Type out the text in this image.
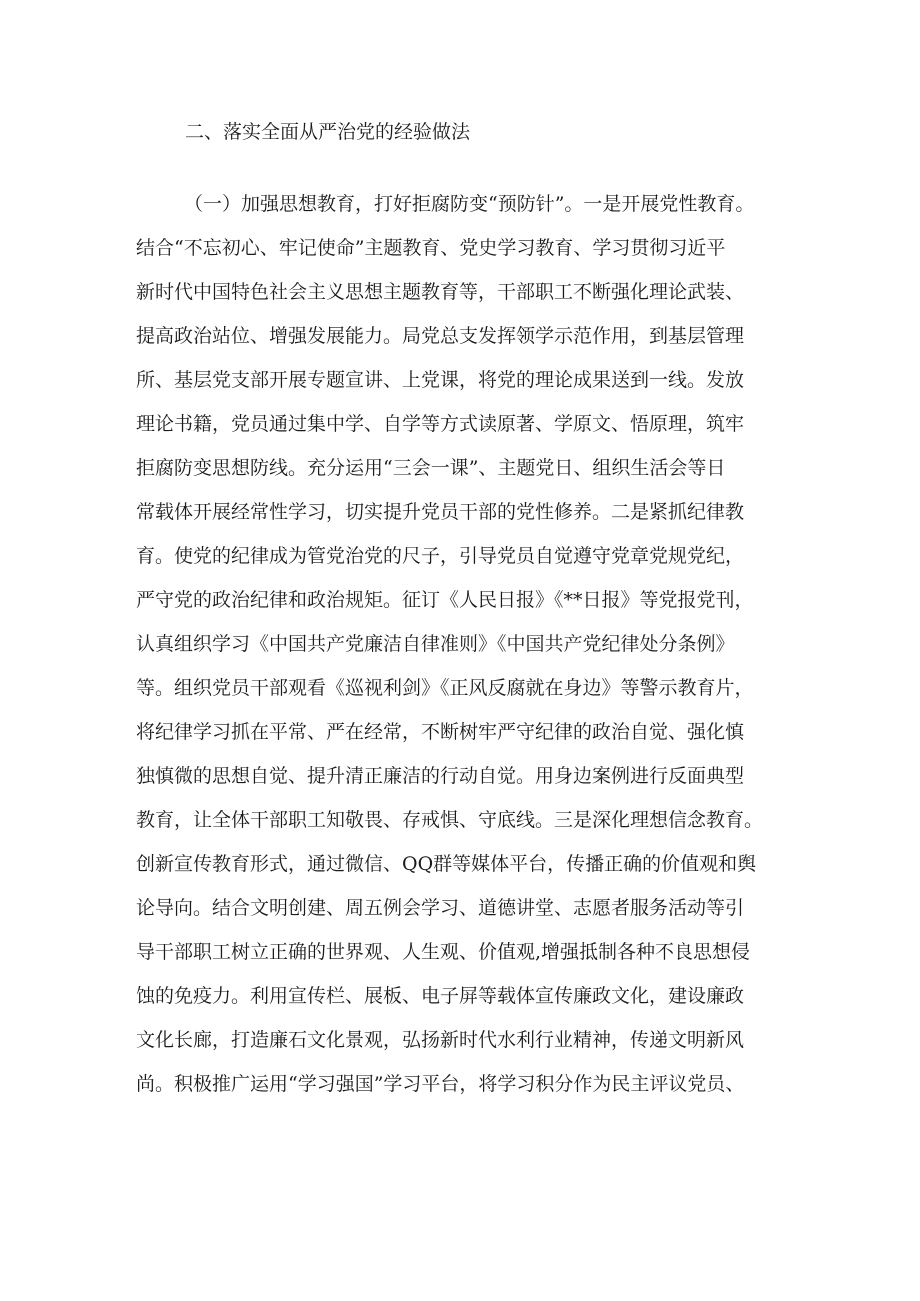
二、落实全面从严治党的经验做法
（一）加强思想教育，打好拒腐防变“预防针”。一是开展党性教育。
结合“不忘初心、牢记使命”主题教育、党史学习教育、学习贯彻习近平
新时代中国特色社会主义思想主题教育等，干部职工不断强化理论武装、
提高政治站位、增强发展能力。局党总支发挥领学示范作用，到基层管理
所、基层党支部开展专题宣讲、上党课，将党的理论成果送到一线。发放
理论书籍，党员通过集中学、自学等方式读原著、学原文、悟原理，筑牢
拒腐防变思想防线。充分运用“三会一课”、主题党日、组织生活会等日
常载体开展经常性学习，切实提升党员干部的党性修养。二是紧抓纪律教
育。使党的纪律成为管党治党的尺子，引导党员自觉遵守党章党规党纪，
严守党的政治纪律和政治规矩。征订《人民日报》《**日报》等党报党刊，
认真组织学习《中国共产党廉洁自律准则》《中国共产党纪律处分条例》
等。组织党员干部观看《巡视利剑》《正风反腐就在身边》等警示教育片，
将纪律学习抓在平常、严在经常，不断树牢严守纪律的政治自觉、强化慎
独慎微的思想自觉、提升清正廉洁的行动自觉。用身边案例进行反面典型
教育，让全体干部职工知敬畏、存戒惧、守底线。三是深化理想信念教育。
创新宣传教育形式，通过微信、QQ群等媒体平台，传播正确的价值观和舆
论导向。结合文明创建、周五例会学习、道德讲堂、志愿者服务活动等引
导干部职工树立正确的世界观、人生观、价值观,增强抵制各种不良思想侵
蚀的免疫力。利用宣传栏、展板、电子屏等载体宣传廉政文化，建设廉政
文化长廊，打造廉石文化景观，弘扬新时代水利行业精神，传递文明新风
尚。积极推广运用“学习强国”学习平台，将学习积分作为民主评议党员、
